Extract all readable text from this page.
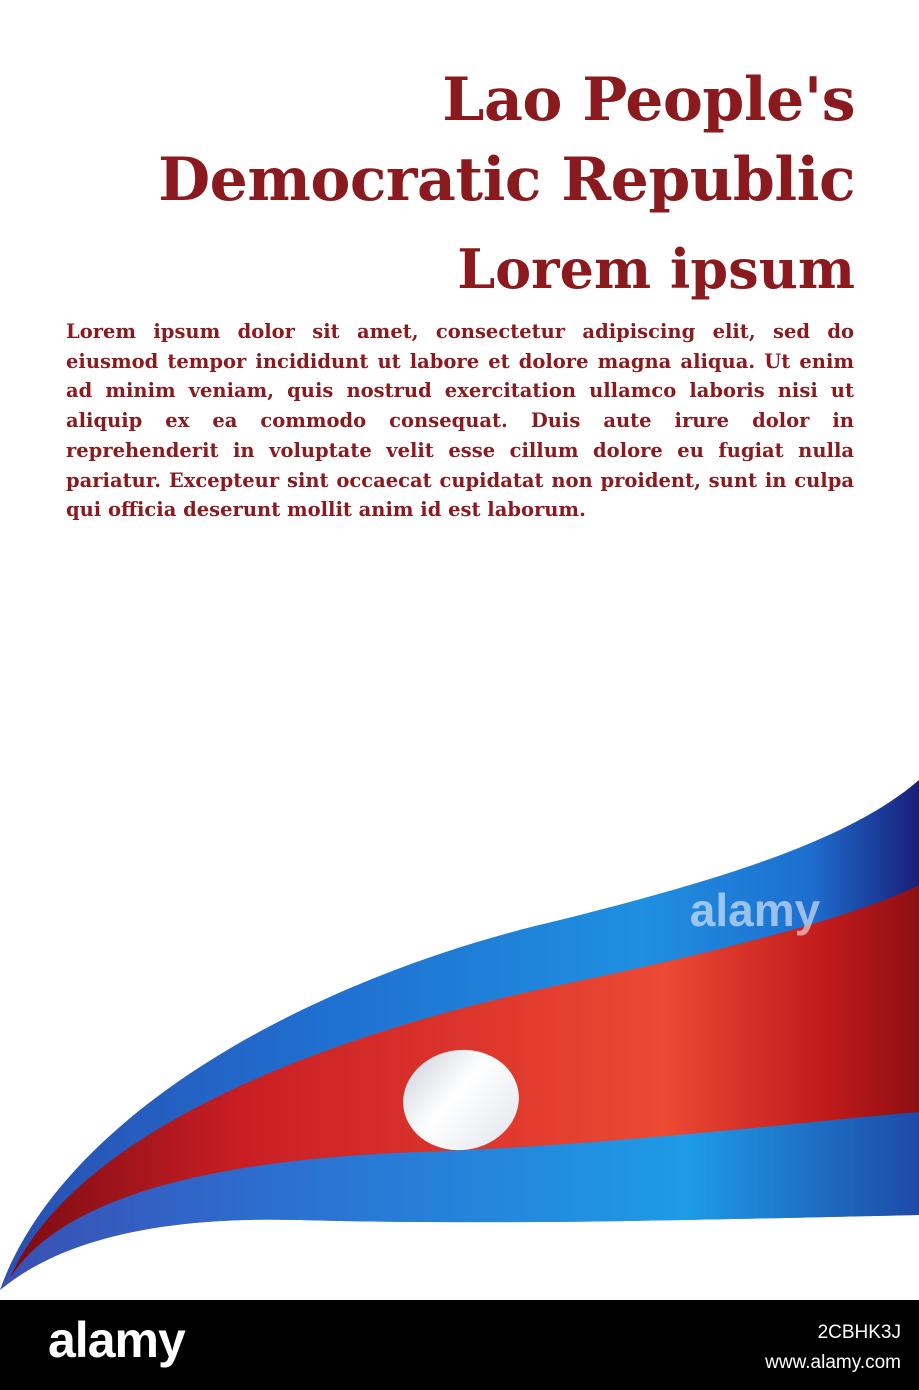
Lao People's
Democratic Republic
Lorem ipsum

Lorem ipsum dolor sit amet, consectetur adipiscing elit, sed do eiusmod tempor incididunt ut labore et dolore magna aliqua. Ut enim ad minim veniam, quis nostrud exercitation ullamco laboris nisi ut aliquip ex ea commodo consequat. Duis aute irure dolor in reprehenderit in voluptate velit esse cillum dolore eu fugiat nulla pariatur. Excepteur sint occaecat cupidatat non proident, sunt in culpa qui officia deserunt mollit anim id est laborum.

alamy
alamy	2CBHK3J
www.alamy.com
